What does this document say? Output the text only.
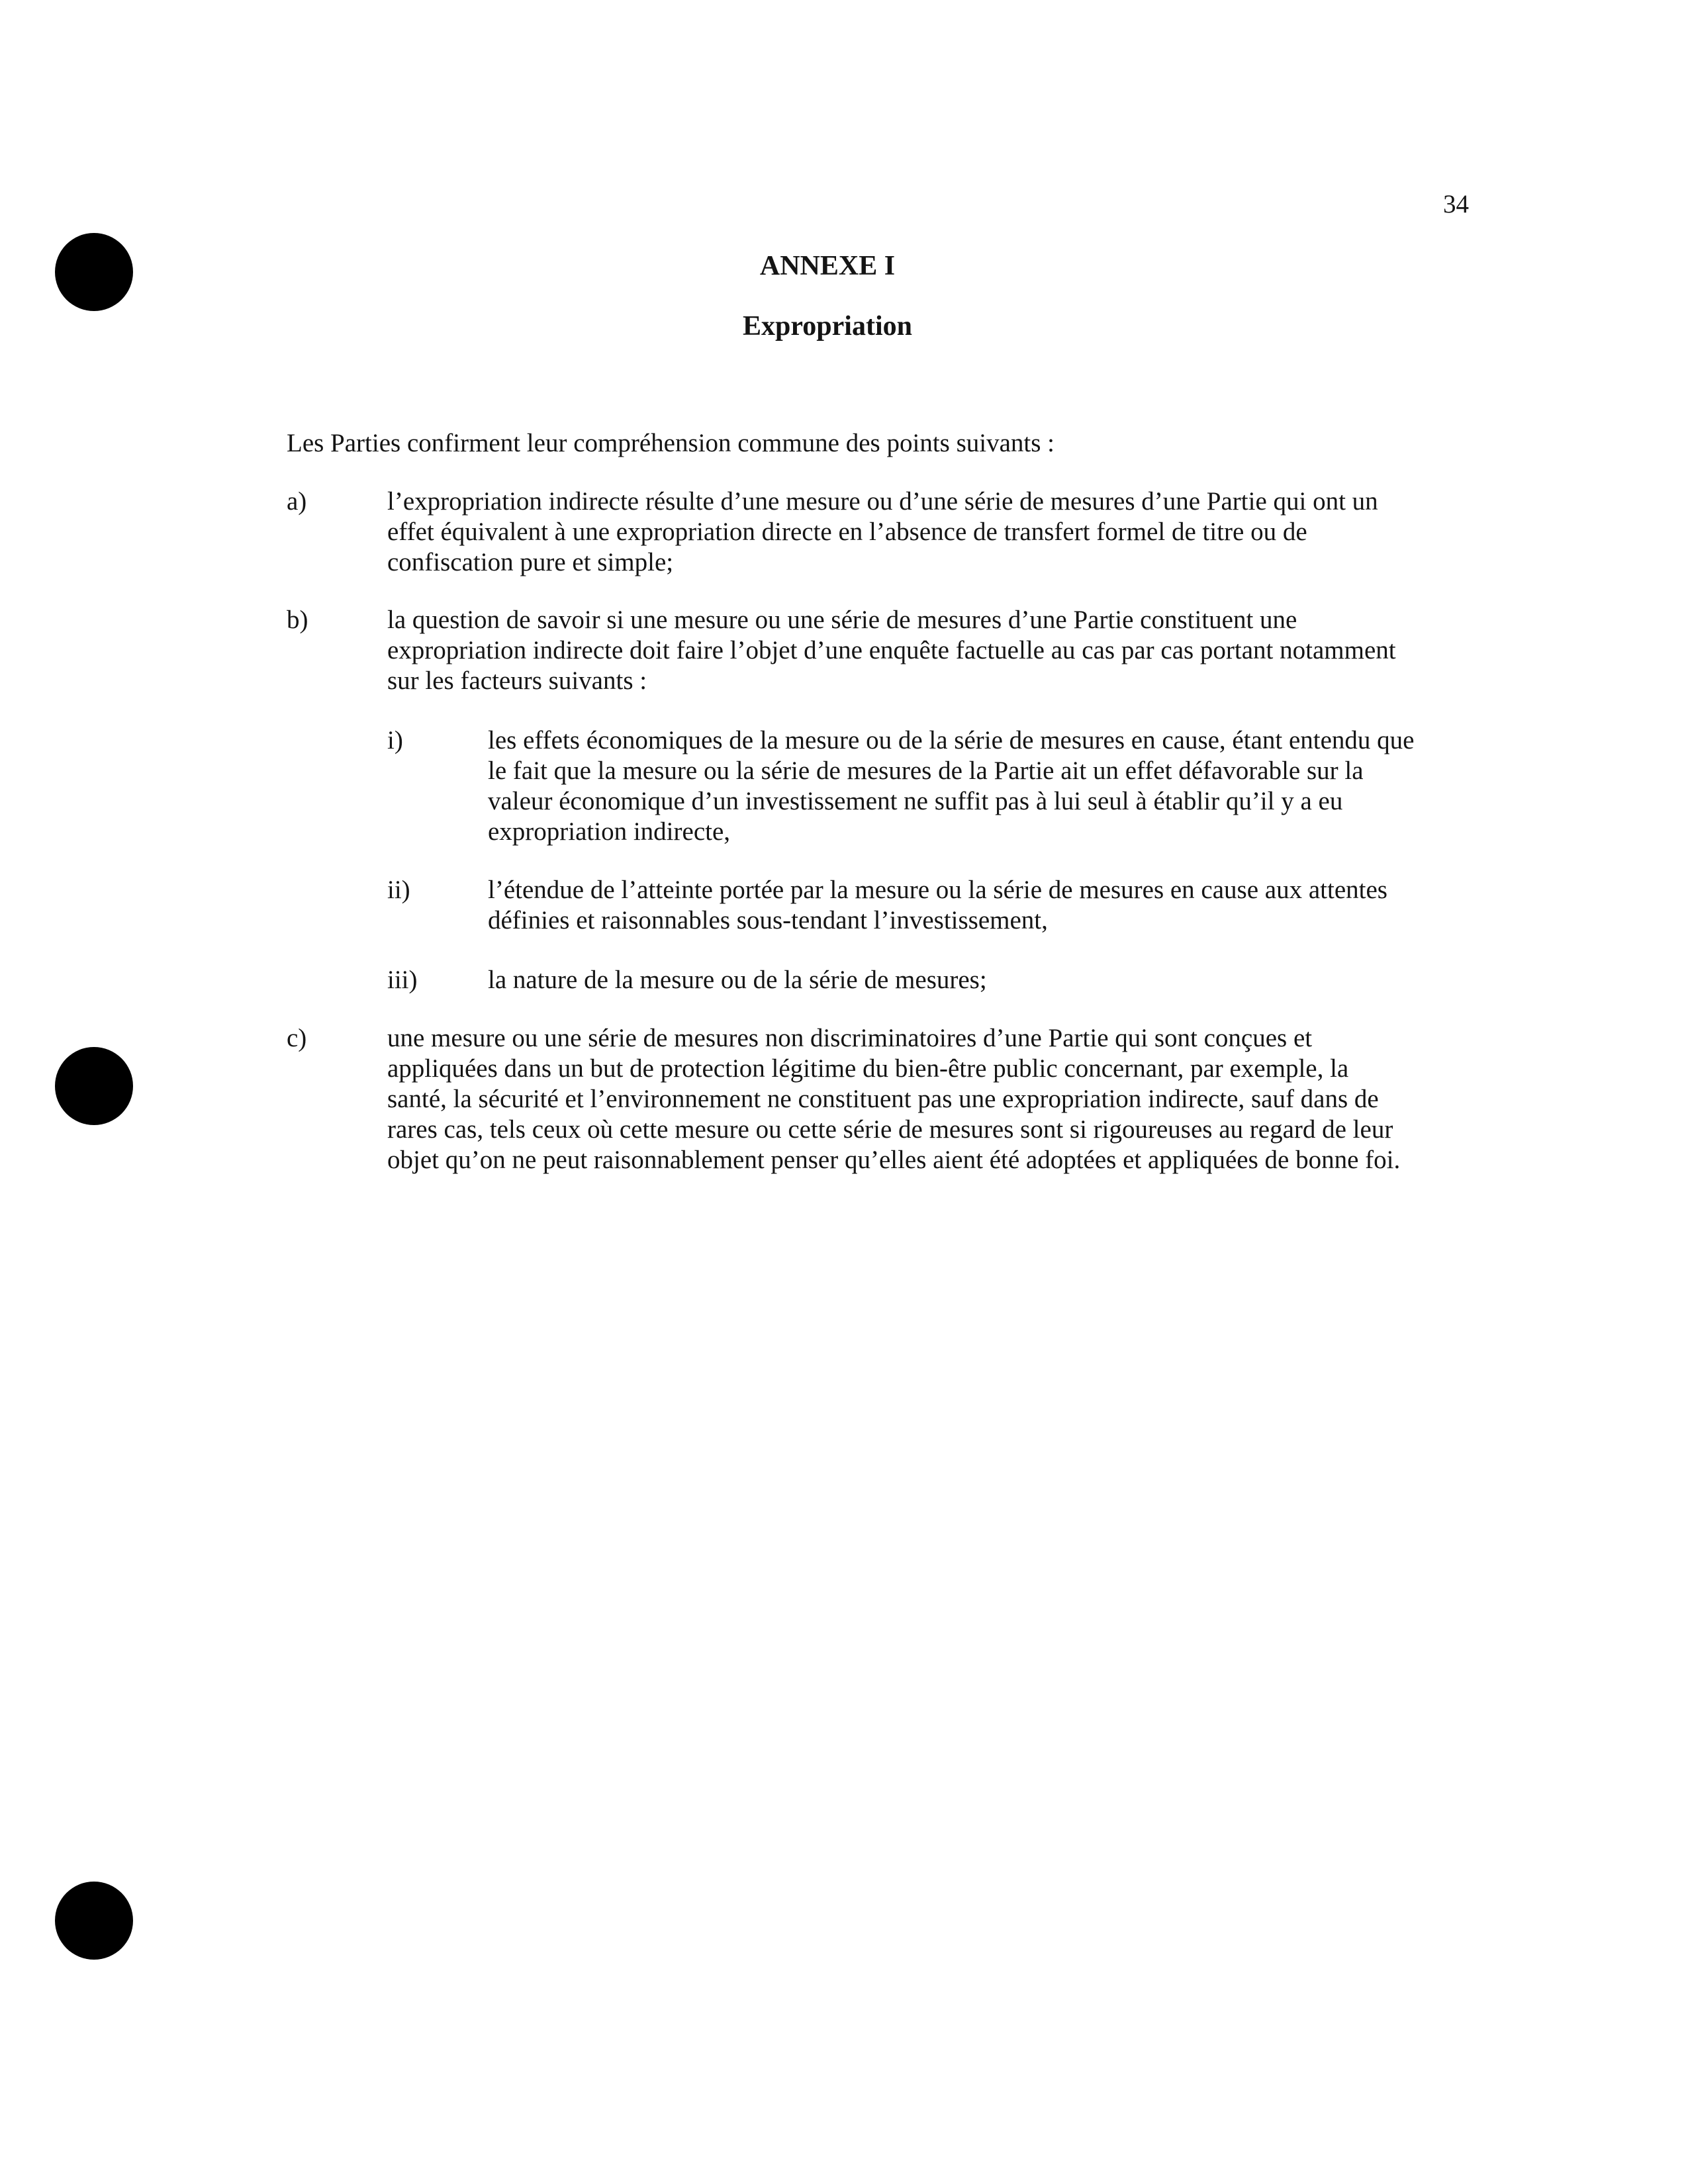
34
ANNEXE I
Expropriation
Les Parties confirment leur compréhension commune des points suivants :
a)	l’expropriation indirecte résulte d’une mesure ou d’une série de mesures d’une Partie qui ont un
effet équivalent à une expropriation directe en l’absence de transfert formel de titre ou de
confiscation pure et simple;
b)	la question de savoir si une mesure ou une série de mesures d’une Partie constituent une
expropriation indirecte doit faire l’objet d’une enquête factuelle au cas par cas portant notamment
sur les facteurs suivants :
i)	les effets économiques de la mesure ou de la série de mesures en cause, étant entendu que
le fait que la mesure ou la série de mesures de la Partie ait un effet défavorable sur la
valeur économique d’un investissement ne suffit pas à lui seul à établir qu’il y a eu
expropriation indirecte,
ii)	l’étendue de l’atteinte portée par la mesure ou la série de mesures en cause aux attentes
définies et raisonnables sous-tendant l’investissement,
iii)	la nature de la mesure ou de la série de mesures;
c)	une mesure ou une série de mesures non discriminatoires d’une Partie qui sont conçues et
appliquées dans un but de protection légitime du bien-être public concernant, par exemple, la
santé, la sécurité et l’environnement ne constituent pas une expropriation indirecte, sauf dans de
rares cas, tels ceux où cette mesure ou cette série de mesures sont si rigoureuses au regard de leur
objet qu’on ne peut raisonnablement penser qu’elles aient été adoptées et appliquées de bonne foi.
